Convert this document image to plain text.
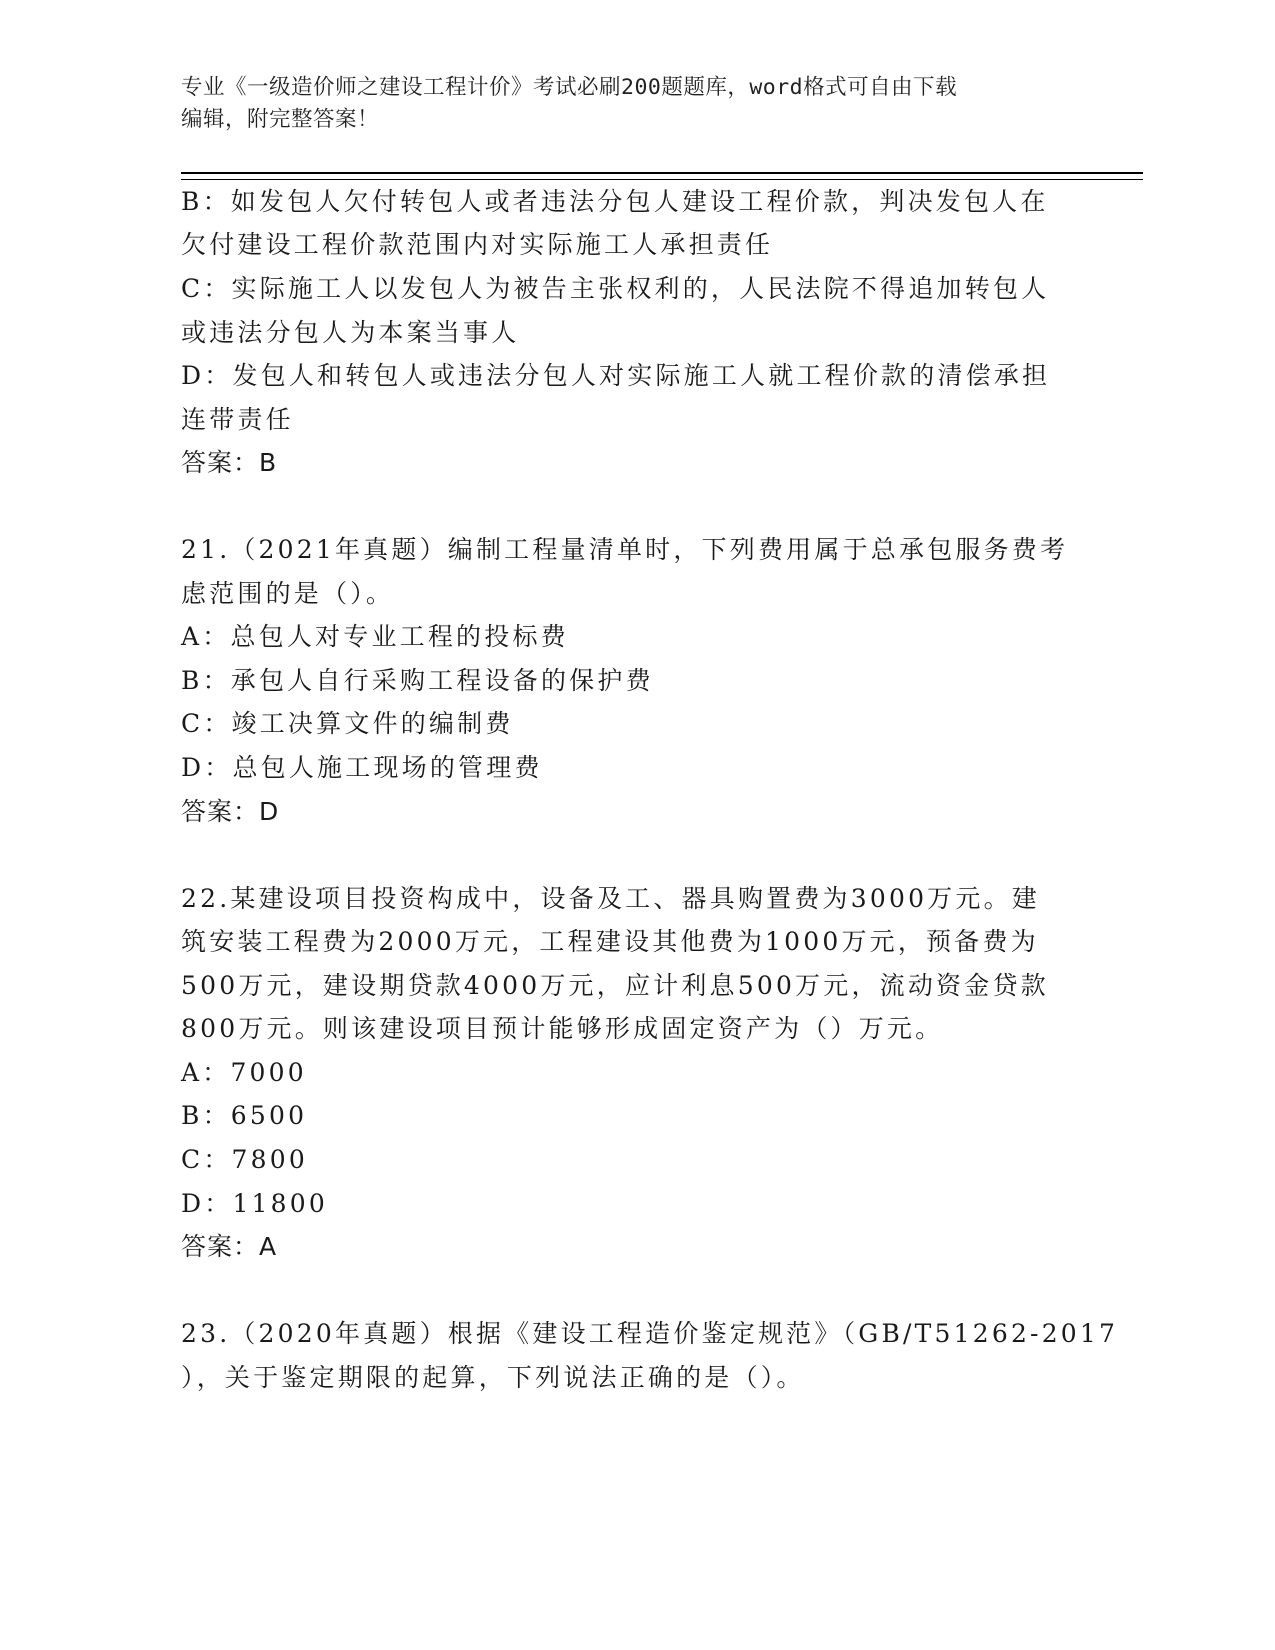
专业《一级造价师之建设工程计价》考试必刷200题题库，word格式可自由下载
编辑，附完整答案！
B：如发包人欠付转包人或者违法分包人建设工程价款，判决发包人在
欠付建设工程价款范围内对实际施工人承担责任
C：实际施工人以发包人为被告主张权利的，人民法院不得追加转包人
或违法分包人为本案当事人
D：发包人和转包人或违法分包人对实际施工人就工程价款的清偿承担
连带责任
答案：B
21.（2021年真题）编制工程量清单时，下列费用属于总承包服务费考
虑范围的是（）。
A：总包人对专业工程的投标费
B：承包人自行采购工程设备的保护费
C：竣工决算文件的编制费
D：总包人施工现场的管理费
答案：D
22.某建设项目投资构成中，设备及工、器具购置费为3000万元。建
筑安装工程费为2000万元，工程建设其他费为1000万元，预备费为
500万元，建设期贷款4000万元，应计利息500万元，流动资金贷款
800万元。则该建设项目预计能够形成固定资产为（）万元。
A：7000
B：6500
C：7800
D：11800
答案：A
23.（2020年真题）根据《建设工程造价鉴定规范》（GB/T51262-2017
），关于鉴定期限的起算，下列说法正确的是（）。
